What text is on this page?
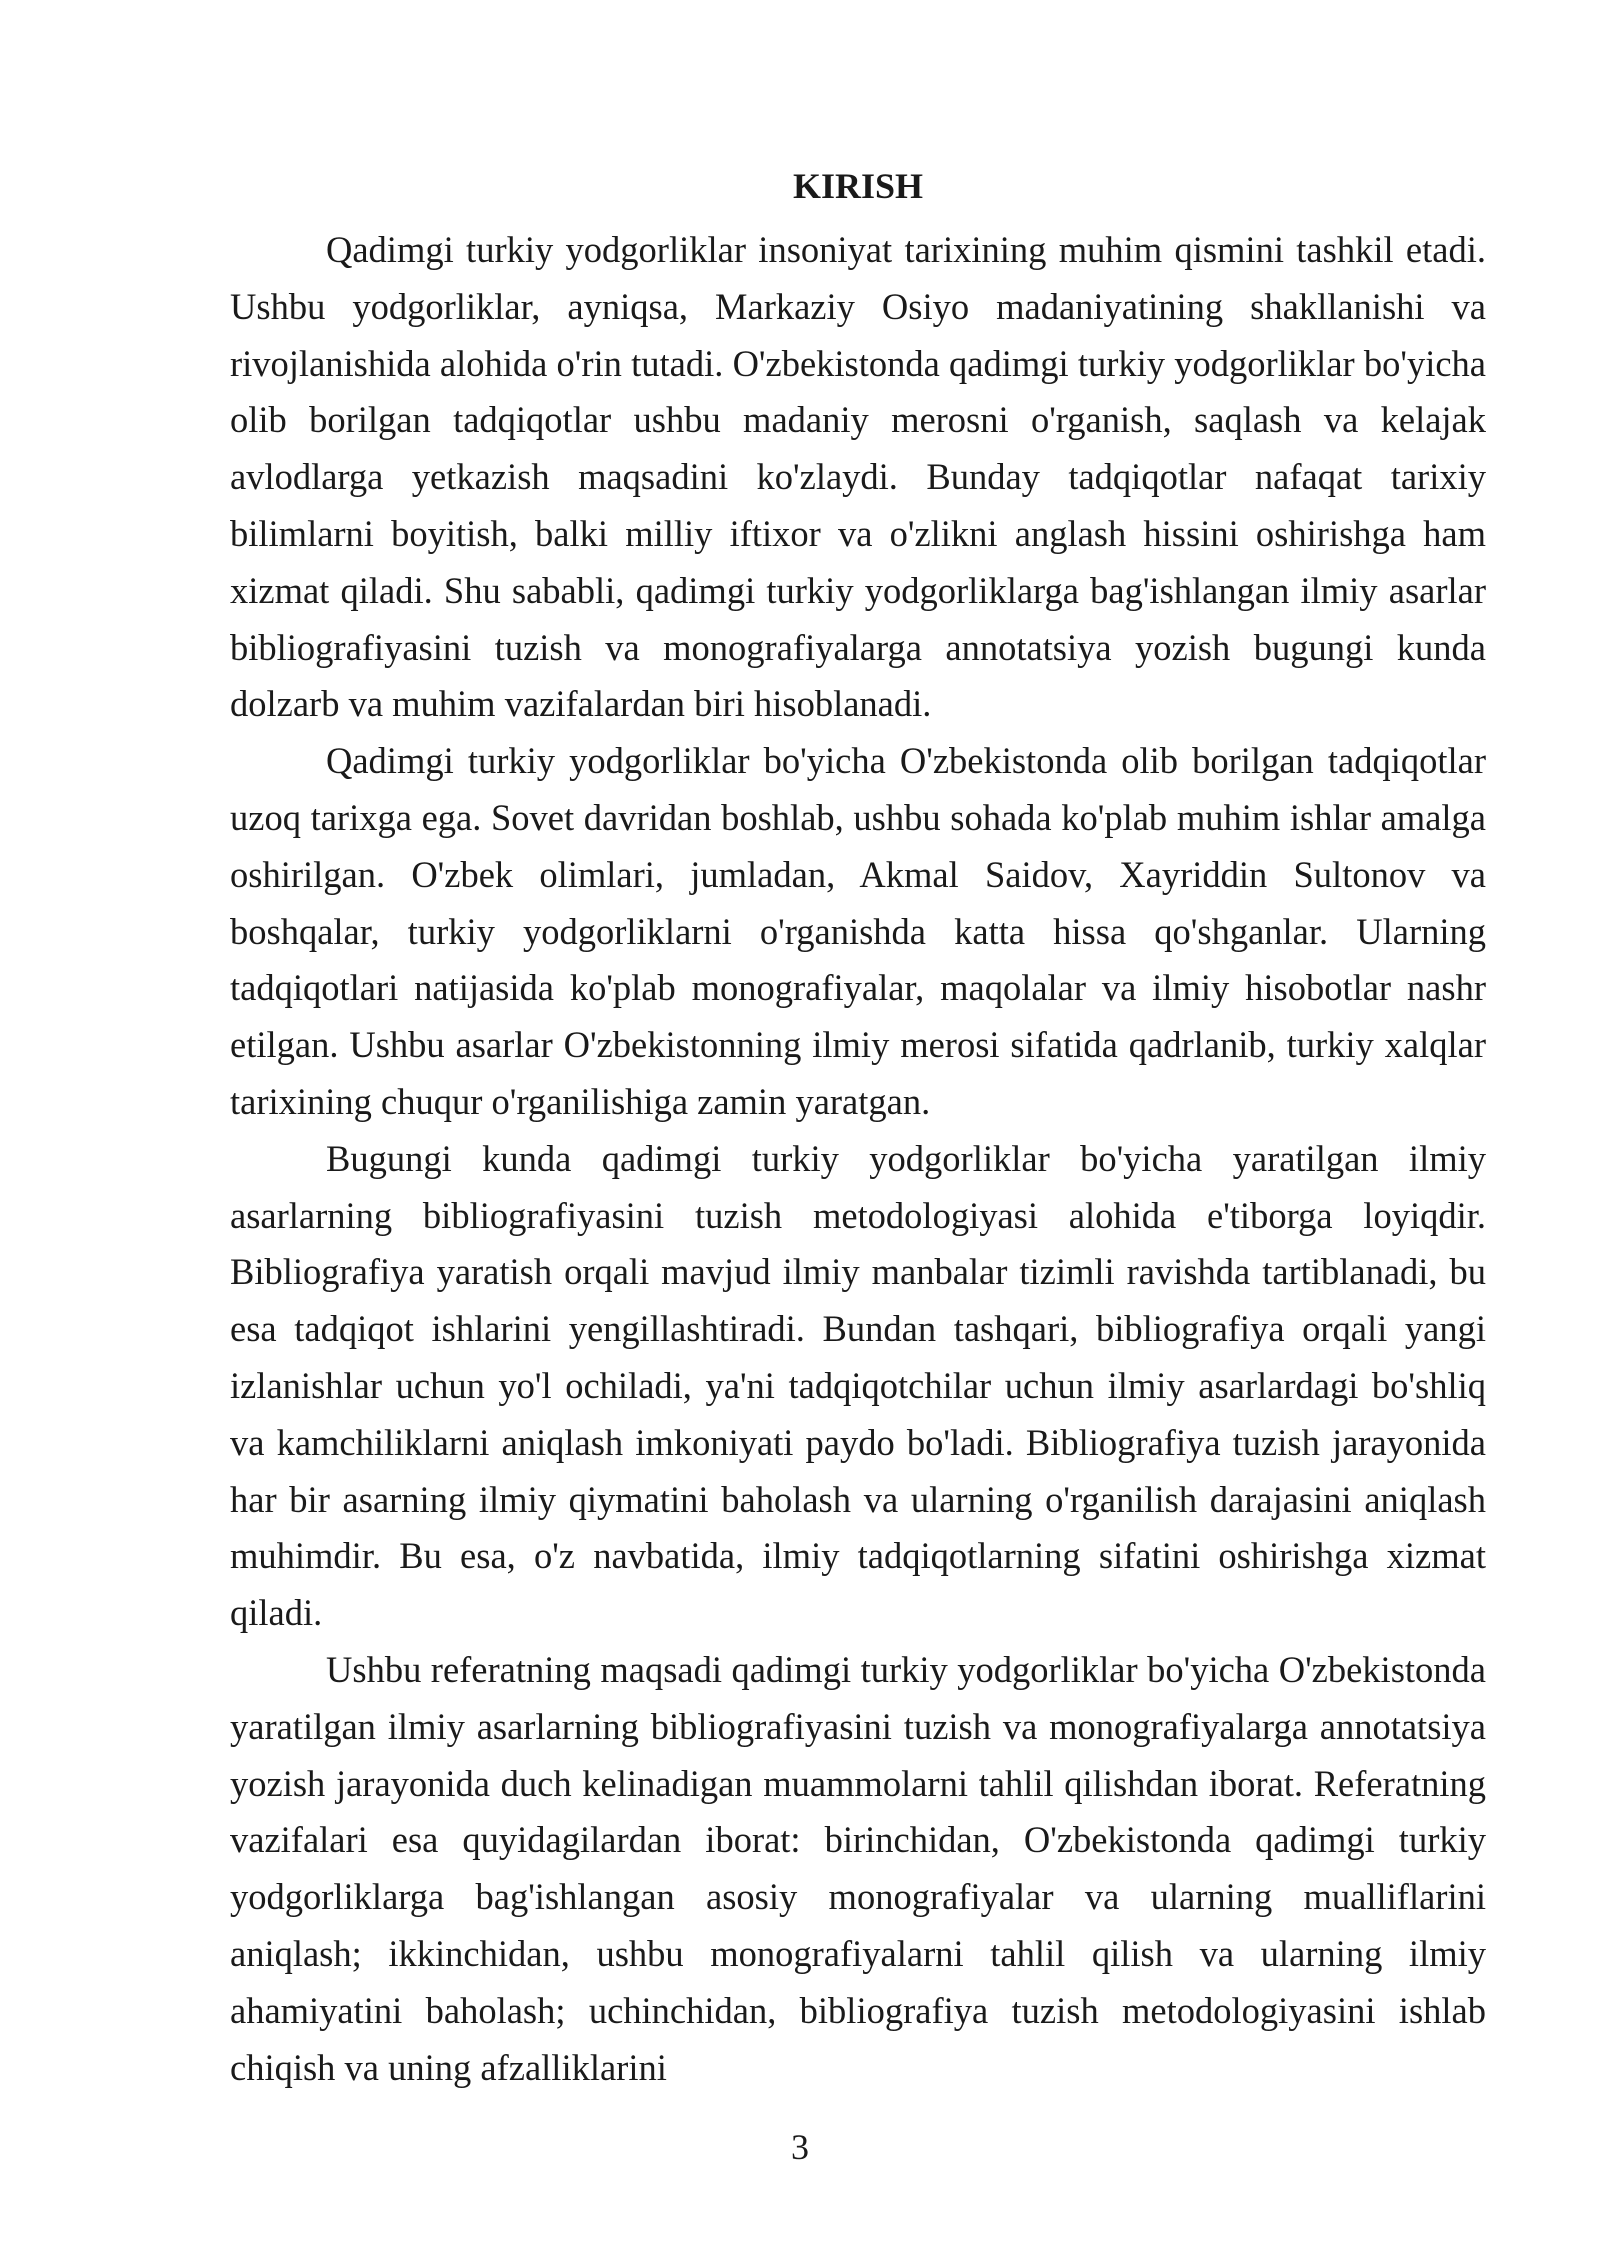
KIRISH

Qadimgi turkiy yodgorliklar insoniyat tarixining muhim qismini tashkil etadi. Ushbu yodgorliklar, ayniqsa, Markaziy Osiyo madaniyatining shakllanishi va rivojlanishida alohida o'rin tutadi. O'zbekistonda qadimgi turkiy yodgorliklar bo'yicha olib borilgan tadqiqotlar ushbu madaniy merosni o'rganish, saqlash va kelajak avlodlarga yetkazish maqsadini ko'zlaydi. Bunday tadqiqotlar nafaqat tarixiy bilimlarni boyitish, balki milliy iftixor va o'zlikni anglash hissini oshirishga ham xizmat qiladi. Shu sababli, qadimgi turkiy yodgorliklarga bag'ishlangan ilmiy asarlar bibliografiyasini tuzish va monografiyalarga annotatsiya yozish bugungi kunda dolzarb va muhim vazifalardan biri hisoblanadi.

Qadimgi turkiy yodgorliklar bo'yicha O'zbekistonda olib borilgan tadqiqotlar uzoq tarixga ega. Sovet davridan boshlab, ushbu sohada ko'plab muhim ishlar amalga oshirilgan. O'zbek olimlari, jumladan, Akmal Saidov, Xayriddin Sultonov va boshqalar, turkiy yodgorliklarni o'rganishda katta hissa qo'shganlar. Ularning tadqiqotlari natijasida ko'plab monografiyalar, maqolalar va ilmiy hisobotlar nashr etilgan. Ushbu asarlar O'zbekistonning ilmiy merosi sifatida qadrlanib, turkiy xalqlar tarixining chuqur o'rganilishiga zamin yaratgan.

Bugungi kunda qadimgi turkiy yodgorliklar bo'yicha yaratilgan ilmiy asarlarning bibliografiyasini tuzish metodologiyasi alohida e'tiborga loyiqdir. Bibliografiya yaratish orqali mavjud ilmiy manbalar tizimli ravishda tartiblanadi, bu esa tadqiqot ishlarini yengillashtiradi. Bundan tashqari, bibliografiya orqali yangi izlanishlar uchun yo'l ochiladi, ya'ni tadqiqotchilar uchun ilmiy asarlardagi bo'shliq va kamchiliklarni aniqlash imkoniyati paydo bo'ladi. Bibliografiya tuzish jarayonida har bir asarning ilmiy qiymatini baholash va ularning o'rganilish darajasini aniqlash muhimdir. Bu esa, o'z navbatida, ilmiy tadqiqotlarning sifatini oshirishga xizmat qiladi.

Ushbu referatning maqsadi qadimgi turkiy yodgorliklar bo'yicha O'zbekistonda yaratilgan ilmiy asarlarning bibliografiyasini tuzish va monografiyalarga annotatsiya yozish jarayonida duch kelinadigan muammolarni tahlil qilishdan iborat. Referatning vazifalari esa quyidagilardan iborat: birinchidan, O'zbekistonda qadimgi turkiy yodgorliklarga bag'ishlangan asosiy monografiyalar va ularning mualliflarini aniqlash; ikkinchidan, ushbu monografiyalarni tahlil qilish va ularning ilmiy ahamiyatini baholash; uchinchidan, bibliografiya tuzish metodologiyasini ishlab chiqish va uning afzalliklarini

3
